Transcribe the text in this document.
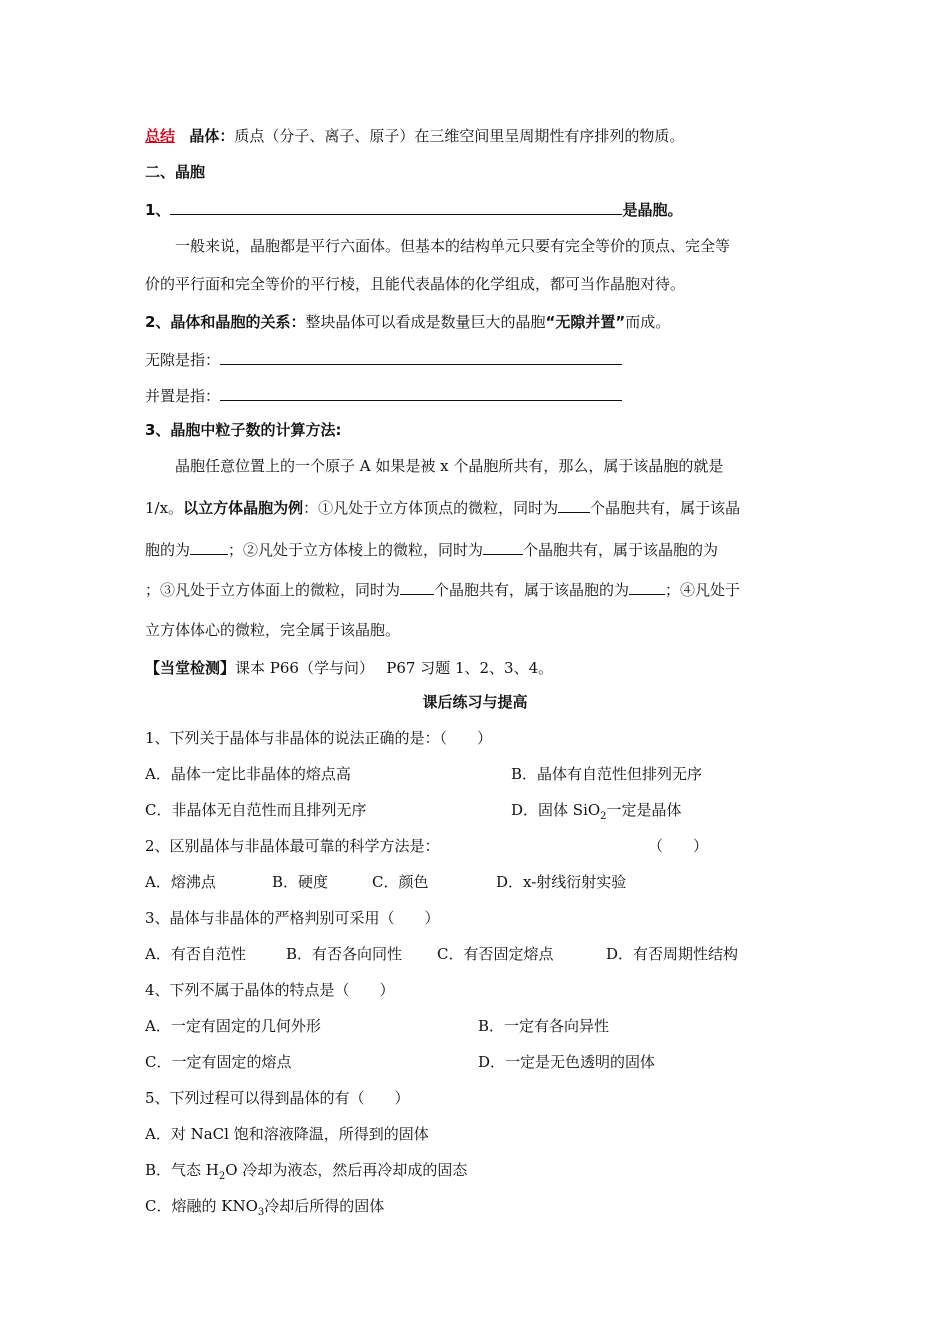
总结 晶体：质点（分子、离子、原子）在三维空间里呈周期性有序排列的物质。
二、晶胞
1、	是晶胞。
一般来说，晶胞都是平行六面体。但基本的结构单元只要有完全等价的顶点、完全等
价的平行面和完全等价的平行棱，且能代表晶体的化学组成，都可当作晶胞对待。
2、晶体和晶胞的关系：整块晶体可以看成是数量巨大的晶胞“无隙并置”而成。
无隙是指：
并置是指：
3、晶胞中粒子数的计算方法:
晶胞任意位置上的一个原子 A 如果是被 x 个晶胞所共有，那么，属于该晶胞的就是
1/x。以立方体晶胞为例：①凡处于立方体顶点的微粒，同时为 个晶胞共有，属于该晶
胞的为	；②凡处于立方体棱上的微粒，同时为	个晶胞共有，属于该晶胞的为
；③凡处于立方体面上的微粒，同时为 个晶胞共有，属于该晶胞的为 ；④凡处于
立方体体心的微粒，完全属于该晶胞。
【当堂检测】课本 P66（学与问）　 P67 习题 1、2、3、4。
课后练习与提高
1、下列关于晶体与非晶体的说法正确的是：（　　）
A．晶体一定比非晶体的熔点高	B．晶体有自范性但排列无序
C．非晶体无自范性而且排列无序	D．固体 SiO$_2$一定是晶体
2、区别晶体与非晶体最可靠的科学方法是：	（　　）
A．熔沸点	B．硬度	C．颜色	D．x-射线衍射实验
3、晶体与非晶体的严格判别可采用（　　）
A．有否自范性	B．有否各向同性 C．有否固定熔点	D．有否周期性结构
4、下列不属于晶体的特点是（　　）
A．一定有固定的几何外形	B．一定有各向异性
C．一定有固定的熔点	D．一定是无色透明的固体
5、下列过程可以得到晶体的有（　　）
A．对 NaCl 饱和溶液降温，所得到的固体
B．气态 $H_2O$ 冷却为液态，然后再冷却成的固态
C．熔融的 $KNO_3$冷却后所得的固体
